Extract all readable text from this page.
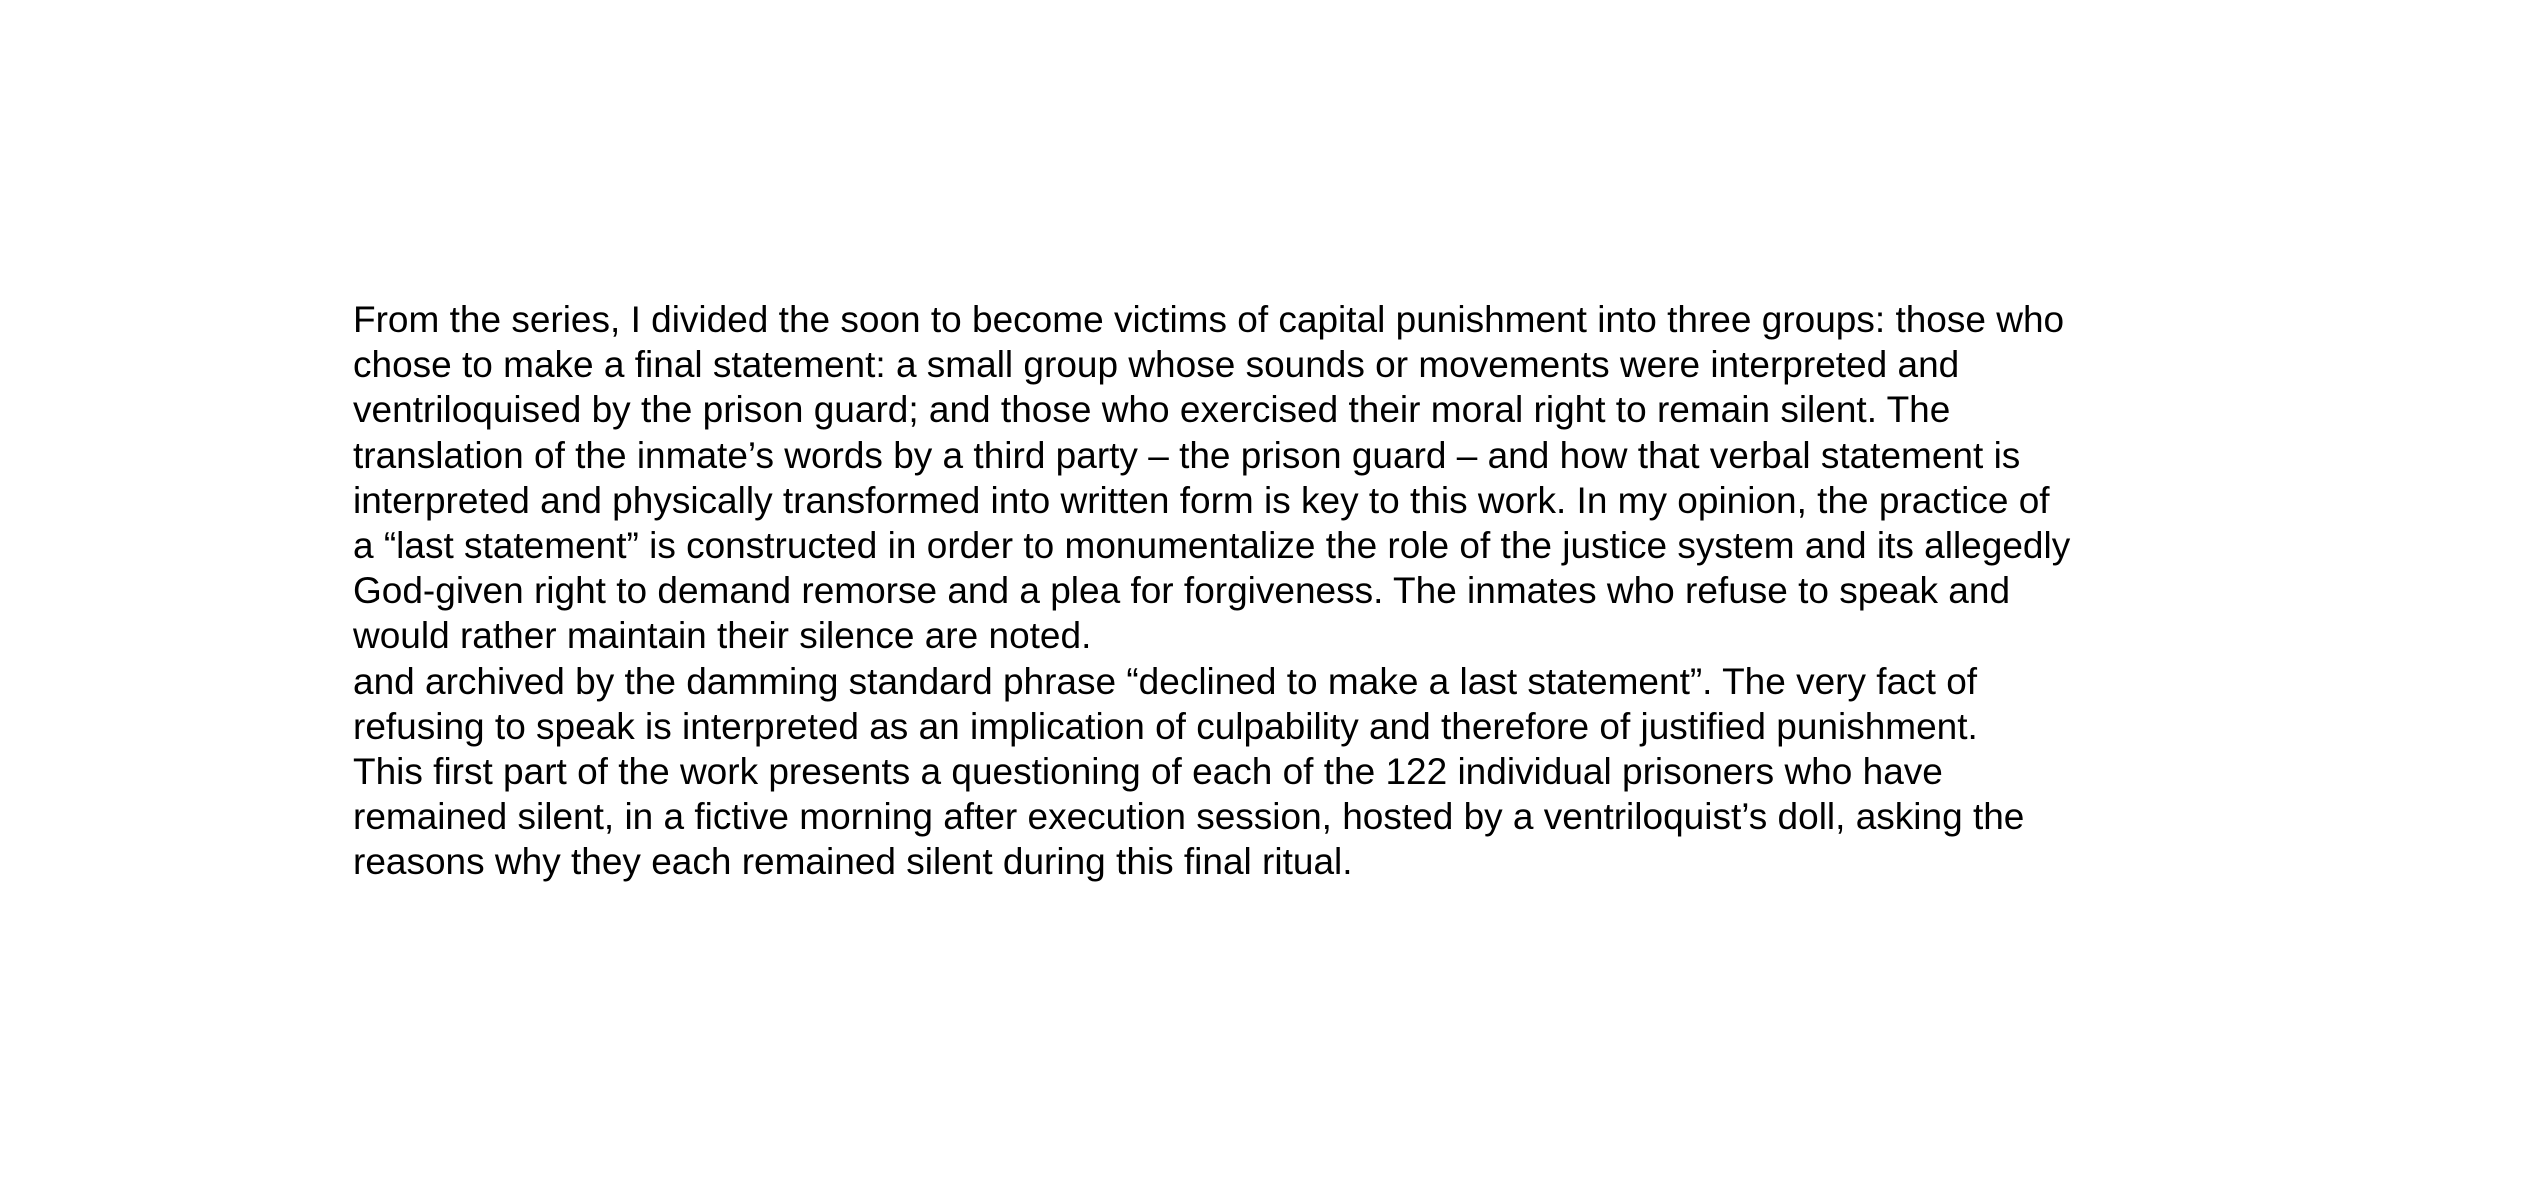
From the series, I divided the soon to become victims of capital punishment into three groups: those who
chose to make a final statement: a small group whose sounds or movements were interpreted and
ventriloquised by the prison guard; and those who exercised their moral right to remain silent. The
translation of the inmate’s words by a third party – the prison guard – and how that verbal statement is
interpreted and physically transformed into written form is key to this work. In my opinion, the practice of
a “last statement” is constructed in order to monumentalize the role of the justice system and its allegedly
God-given right to demand remorse and a plea for forgiveness. The inmates who refuse to speak and
would rather maintain their silence are noted.
and archived by the damming standard phrase “declined to make a last statement”. The very fact of
refusing to speak is interpreted as an implication of culpability and therefore of justified punishment.
This first part of the work presents a questioning of each of the 122 individual prisoners who have
remained silent, in a fictive morning after execution session, hosted by a ventriloquist’s doll, asking the
reasons why they each remained silent during this final ritual.
